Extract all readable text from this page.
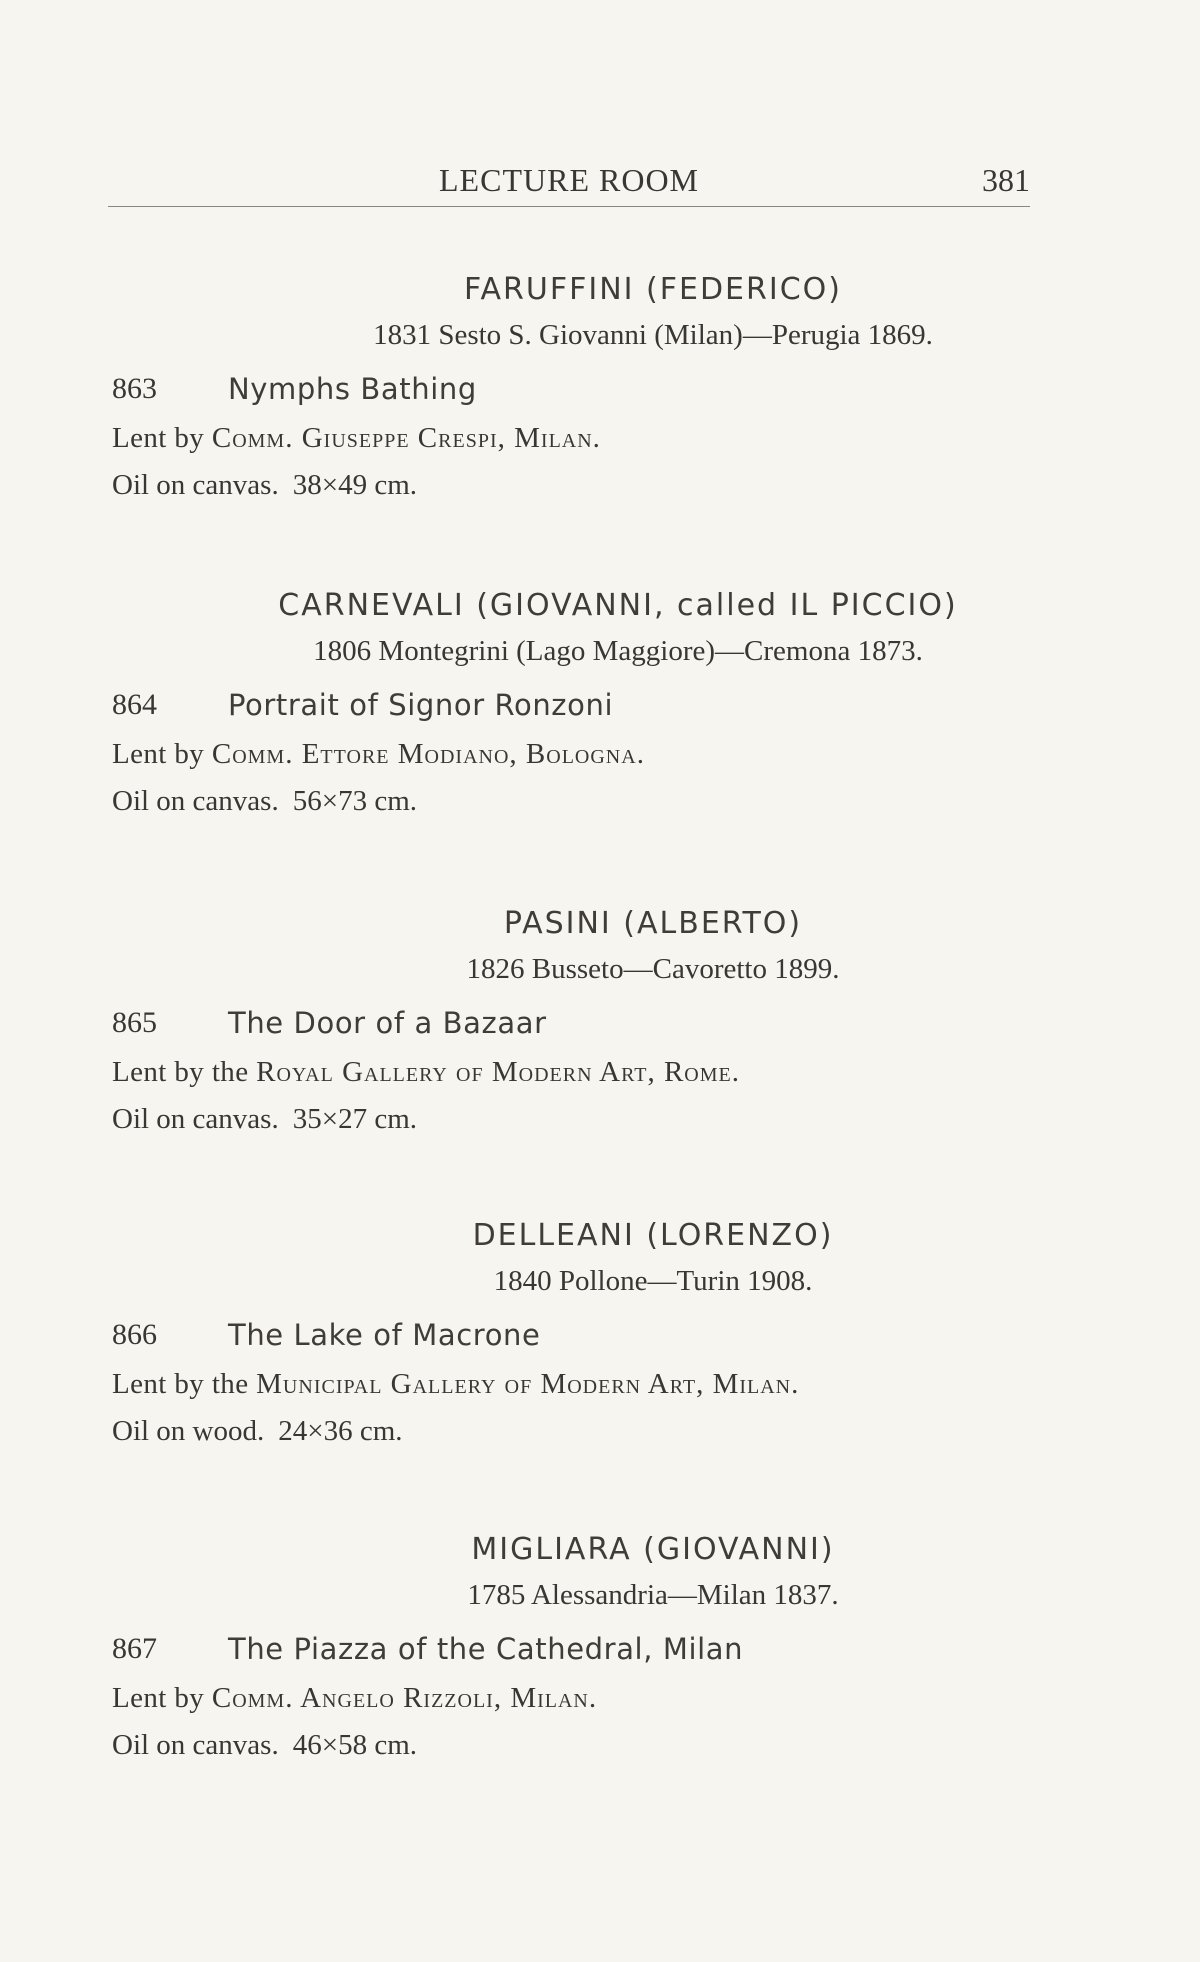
LECTURE ROOM	381

FARUFFINI (FEDERICO)

1831 Sesto S. Giovanni (Milan)—Perugia 1869.

863	Nymphs Bathing

Lent by Comm. Giuseppe Crespi, Milan.

Oil on canvas. 38×49 cm.

CARNEVALI (GIOVANNI, called IL PICCIO)

1806 Montegrini (Lago Maggiore)—Cremona 1873.

864	Portrait of Signor Ronzoni

Lent by Comm. Ettore Modiano, Bologna.

Oil on canvas. 56×73 cm.

PASINI (ALBERTO)

1826 Busseto—Cavoretto 1899.

865	The Door of a Bazaar

Lent by the Royal Gallery of Modern Art, Rome.

Oil on canvas. 35×27 cm.

DELLEANI (LORENZO)

1840 Pollone—Turin 1908.

866	The Lake of Macrone

Lent by the Municipal Gallery of Modern Art, Milan.

Oil on wood. 24×36 cm.

MIGLIARA (GIOVANNI)

1785 Alessandria—Milan 1837.

867	The Piazza of the Cathedral, Milan

Lent by Comm. Angelo Rizzoli, Milan.

Oil on canvas. 46×58 cm.
